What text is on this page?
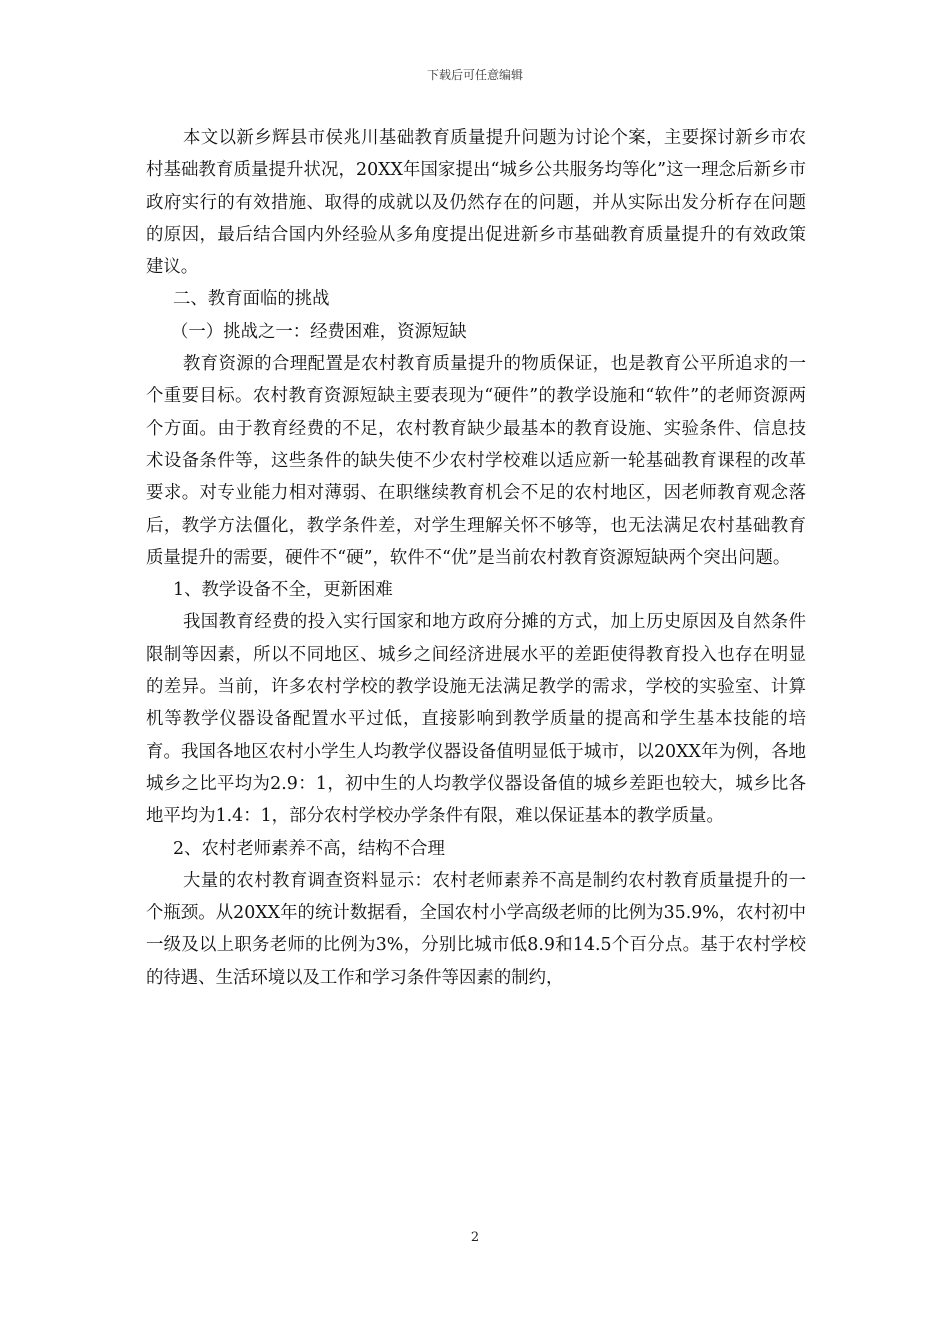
下载后可任意编辑

本文以新乡辉县市侯兆川基础教育质量提升问题为讨论个案，主要探讨新乡市农村基础教育质量提升状况，20XX年国家提出“城乡公共服务均等化”这一理念后新乡市政府实行的有效措施、取得的成就以及仍然存在的问题，并从实际出发分析存在问题的原因，最后结合国内外经验从多角度提出促进新乡市基础教育质量提升的有效政策建议。

二、教育面临的挑战

（一）挑战之一：经费困难，资源短缺

教育资源的合理配置是农村教育质量提升的物质保证，也是教育公平所追求的一个重要目标。农村教育资源短缺主要表现为“硬件”的教学设施和“软件”的老师资源两个方面。由于教育经费的不足，农村教育缺少最基本的教育设施、实验条件、信息技术设备条件等，这些条件的缺失使不少农村学校难以适应新一轮基础教育课程的改革要求。对专业能力相对薄弱、在职继续教育机会不足的农村地区，因老师教育观念落后，教学方法僵化，教学条件差，对学生理解关怀不够等，也无法满足农村基础教育质量提升的需要，硬件不“硬”，软件不“优”是当前农村教育资源短缺两个突出问题。

1、教学设备不全，更新困难

我国教育经费的投入实行国家和地方政府分摊的方式，加上历史原因及自然条件限制等因素，所以不同地区、城乡之间经济进展水平的差距使得教育投入也存在明显的差异。当前，许多农村学校的教学设施无法满足教学的需求，学校的实验室、计算机等教学仪器设备配置水平过低，直接影响到教学质量的提高和学生基本技能的培育。我国各地区农村小学生人均教学仪器设备值明显低于城市，以20XX年为例，各地城乡之比平均为2.9：1，初中生的人均教学仪器设备值的城乡差距也较大，城乡比各地平均为1.4：1，部分农村学校办学条件有限，难以保证基本的教学质量。

2、农村老师素养不高，结构不合理

大量的农村教育调查资料显示：农村老师素养不高是制约农村教育质量提升的一个瓶颈。从20XX年的统计数据看，全国农村小学高级老师的比例为35.9%，农村初中一级及以上职务老师的比例为3%，分别比城市低8.9和14.5个百分点。基于农村学校的待遇、生活环境以及工作和学习条件等因素的制约，

2
